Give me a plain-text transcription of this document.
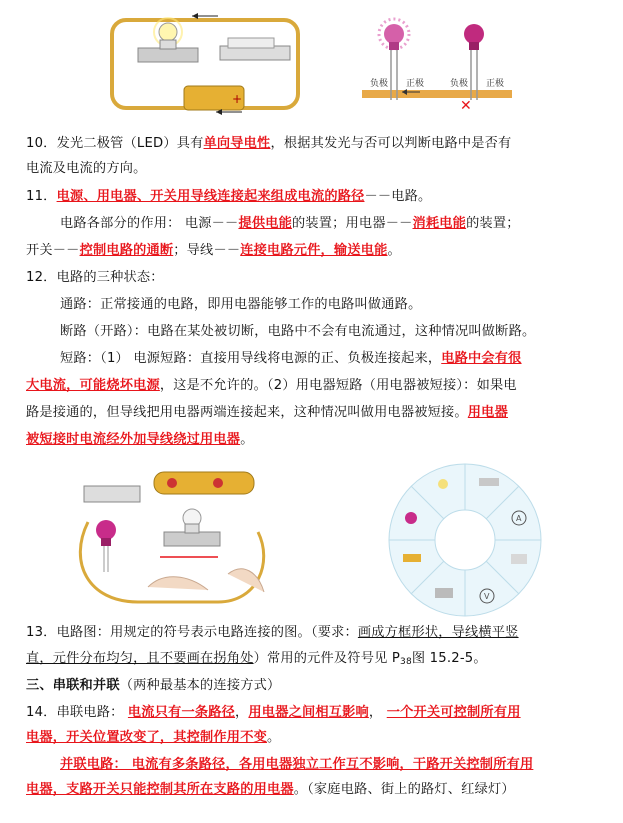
+	✕
负极 正极	负极 正极
10．发光二极管（LED）具有单向导电性，根据其发光与否可以判断电路中是否有
电流及电流的方向。
11．电源、用电器、开关用导线连接起来组成电流的路径－－电路。
电路各部分的作用： 电源－－提供电能的装置；用电器－－消耗电能的装置；
开关－－控制电路的通断；导线－－连接电路元件，输送电能。
12．电路的三种状态：
通路：正常接通的电路，即用电器能够工作的电路叫做通路。
断路（开路）：电路在某处被切断，电路中不会有电流通过，这种情况叫做断路。
短路：（1） 电源短路：直接用导线将电源的正、负极连接起来，电路中会有很
大电流，可能烧坏电源，这是不允许的。（2）用电器短路（用电器被短接）：如果电
路是接通的，但导线把用电器两端连接起来，这种情况叫做用电器被短接。用电器
被短接时电流经外加导线绕过用电器。
A
V
13．电路图：用规定的符号表示电路连接的图。（要求：画成方框形状，导线横平竖
直，元件分布均匀，且不要画在拐角处）常用的元件及符号见 $P_{38}$图 15.2-5。
三、串联和并联（两种最基本的连接方式）
14．串联电路： 电流只有一条路径，用电器之间相互影响， 一个开关可控制所有用
电器，开关位置改变了，其控制作用不变。
并联电路： 电流有多条路径，各用电器独立工作互不影响，干路开关控制所有用
电器，支路开关只能控制其所在支路的用电器。（家庭电路、街上的路灯、红绿灯）
